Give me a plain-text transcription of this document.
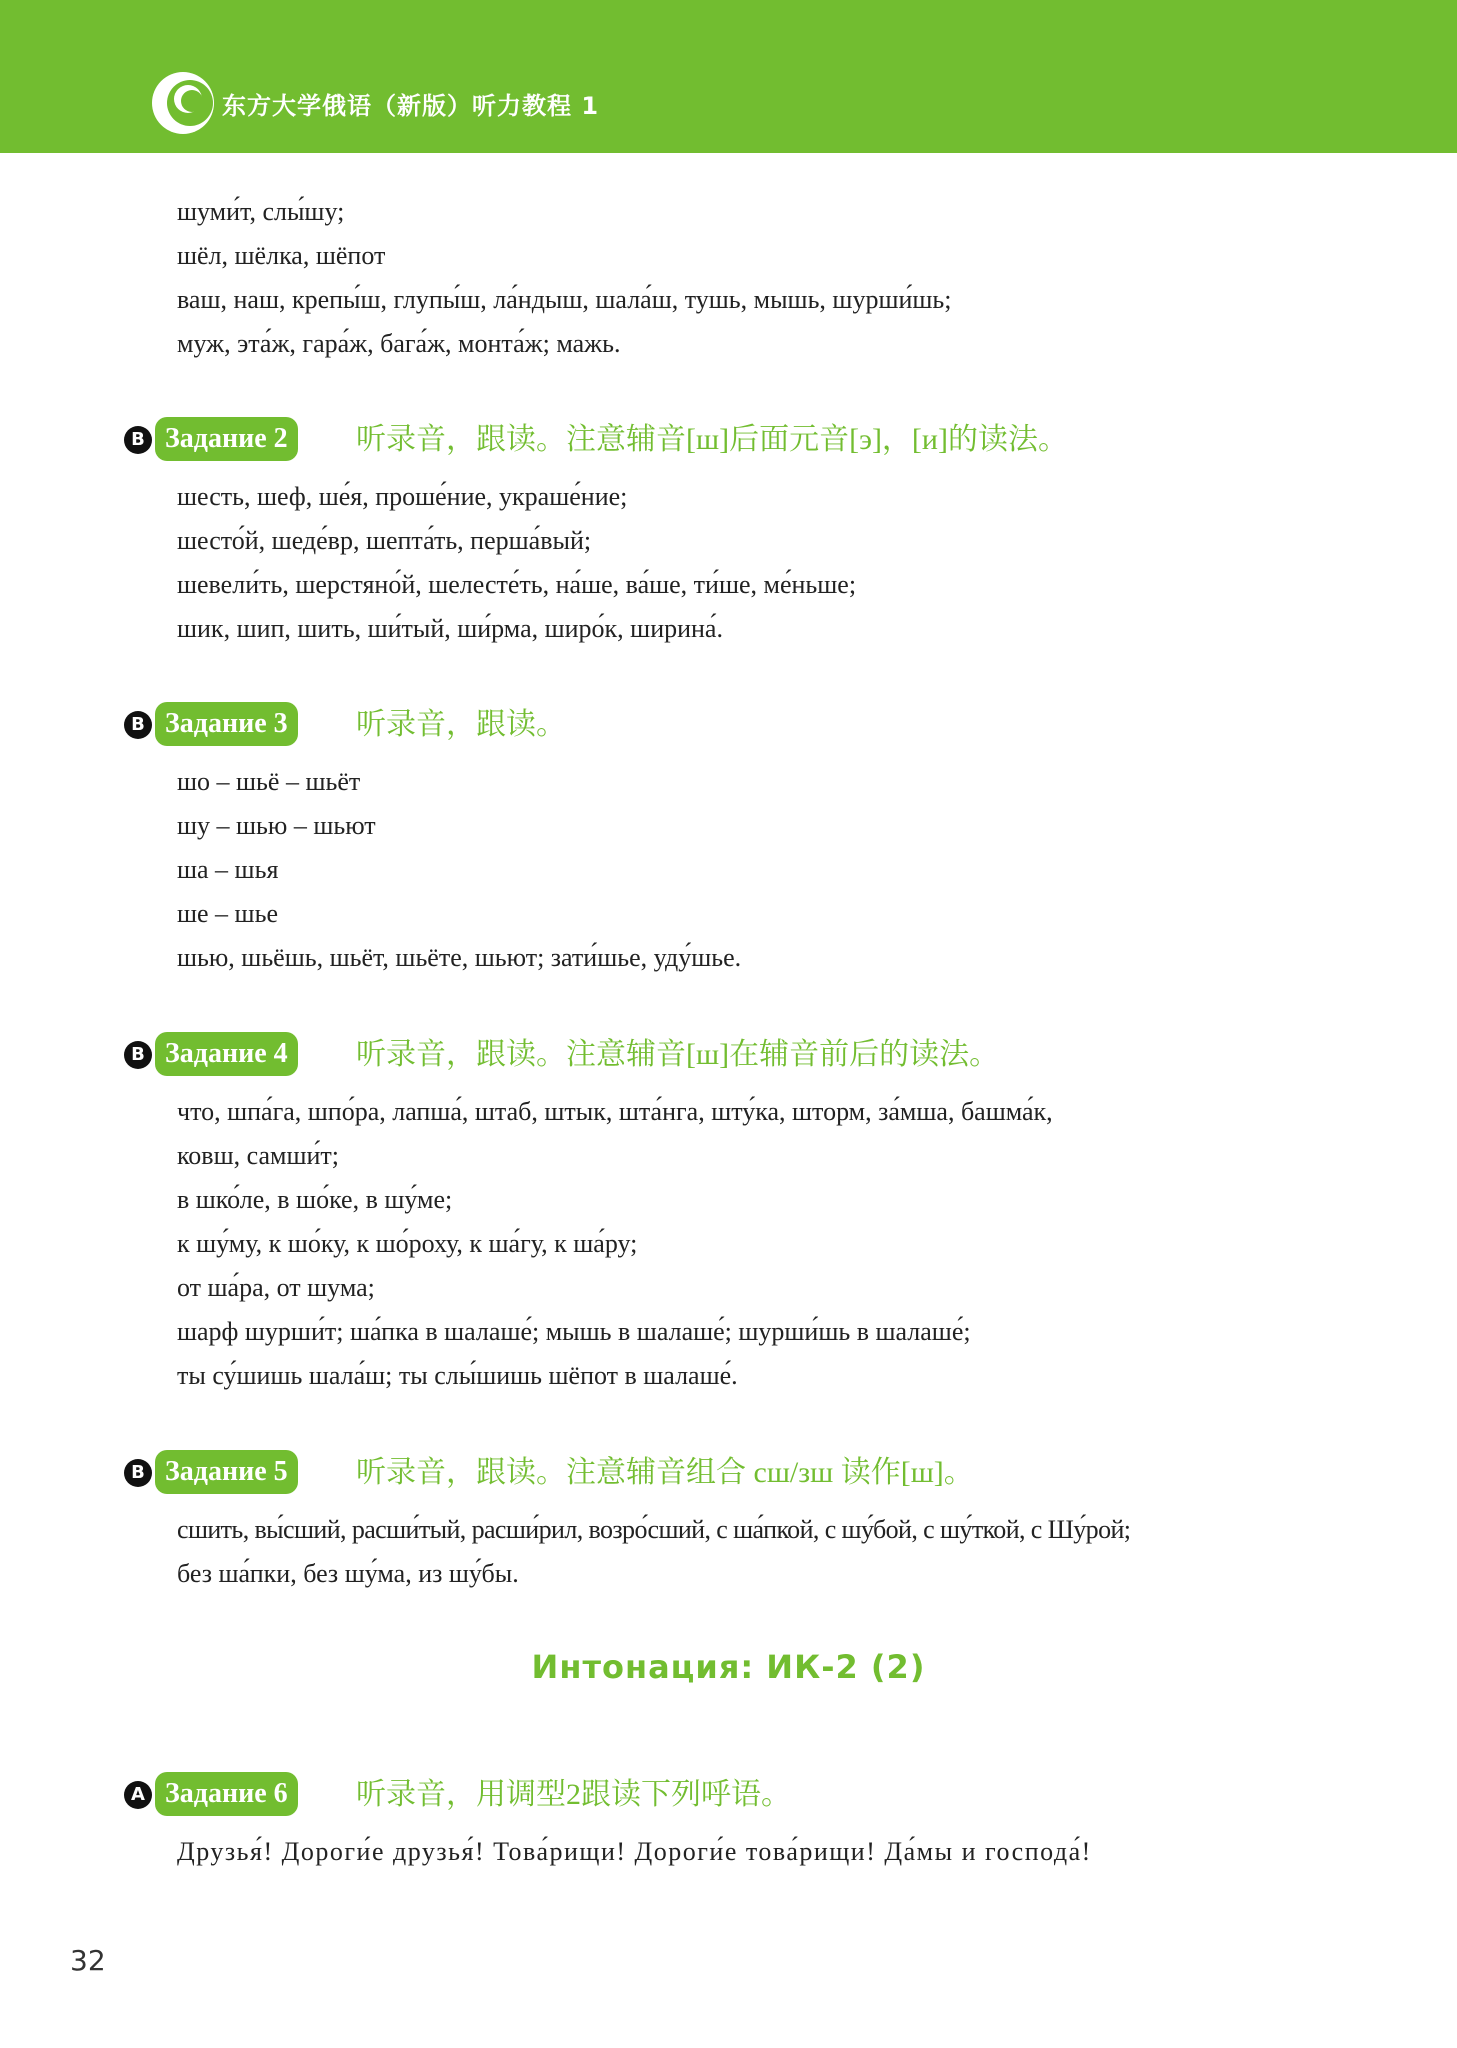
东方大学俄语（新版）听力教程 1
шуми́т, слы́шу;
шёл, шёлка, шёпот
ваш, наш, крепы́ш, глупы́ш, ла́ндыш, шала́ш, тушь, мышь, шурши́шь;
муж, эта́ж, гара́ж, бага́ж, монта́ж; мажь.
B Задание 2	听录音，跟读。注意辅音[ш]后面元音[э]，[и]的读法。
шесть, шеф, ше́я, проше́ние, украше́ние;
шесто́й, шеде́вр, шепта́ть, перша́вый;
шевели́ть, шерстяно́й, шелесте́ть, на́ше, ва́ше, ти́ше, ме́ньше;
шик, шип, шить, ши́тый, ши́рма, широ́к, ширина́.
B Задание 3	听录音，跟读。
шо – шьё – шьёт
шу – шью – шьют
ша – шья
ше – шье
шью, шьёшь, шьёт, шьёте, шьют; зати́шье, уду́шье.
B Задание 4	听录音，跟读。注意辅音[ш]在辅音前后的读法。
что, шпа́га, шпо́ра, лапша́, штаб, штык, шта́нга, шту́ка, шторм, за́мша, башма́к,
ковш, самши́т;
в шко́ле, в шо́ке, в шу́ме;
к шу́му, к шо́ку, к шо́роху, к ша́гу, к ша́ру;
от ша́ра, от шума;
шарф шурши́т; ша́пка в шалаше́; мышь в шалаше́; шурши́шь в шалаше́;
ты су́шишь шала́ш; ты слы́шишь шёпот в шалаше́.
B Задание 5	听录音，跟读。注意辅音组合 сш/зш 读作[ш]。
сшить, вы́сший, расши́тый, расши́рил, возро́сший, с ша́пкой, с шу́бой, с шу́ткой, с Шу́рой;
без ша́пки, без шу́ма, из шу́бы.
Интонация: ИК-2 (2)
A Задание 6	听录音，用调型2跟读下列呼语。
Друзья́! Дороги́е друзья́! Това́рищи! Дороги́е това́рищи! Да́мы и господа́!
32
